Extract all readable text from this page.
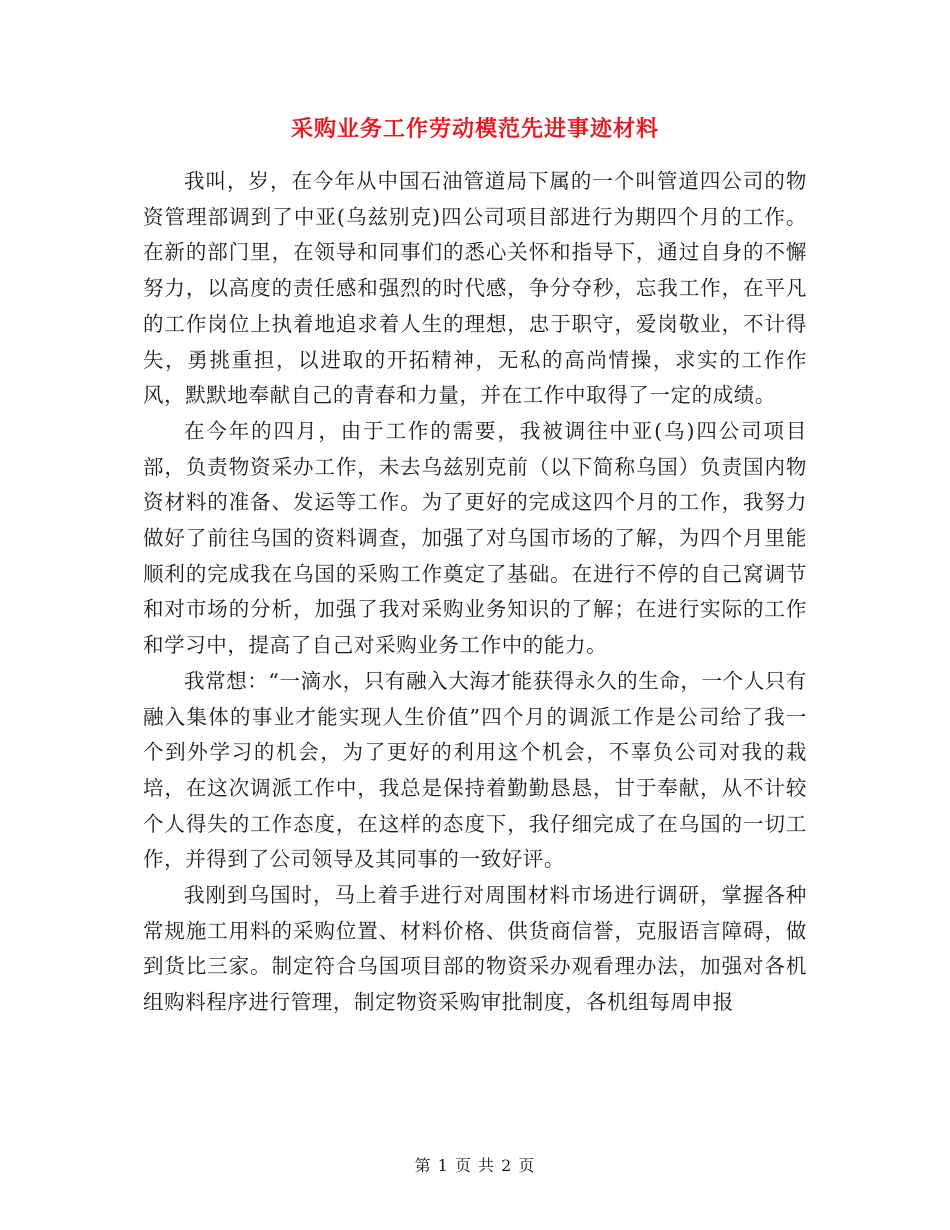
采购业务工作劳动模范先进事迹材料

我叫，岁，在今年从中国石油管道局下属的一个叫管道四公司的物资管理部调到了中亚(乌兹别克)四公司项目部进行为期四个月的工作。在新的部门里，在领导和同事们的悉心关怀和指导下，通过自身的不懈努力，以高度的责任感和强烈的时代感，争分夺秒，忘我工作，在平凡的工作岗位上执着地追求着人生的理想，忠于职守，爱岗敬业，不计得失，勇挑重担，以进取的开拓精神，无私的高尚情操，求实的工作作风，默默地奉献自己的青春和力量，并在工作中取得了一定的成绩。

在今年的四月，由于工作的需要，我被调往中亚(乌)四公司项目部，负责物资采办工作，未去乌兹别克前（以下简称乌国）负责国内物资材料的准备、发运等工作。为了更好的完成这四个月的工作，我努力做好了前往乌国的资料调查，加强了对乌国市场的了解，为四个月里能顺利的完成我在乌国的采购工作奠定了基础。在进行不停的自己窝调节和对市场的分析，加强了我对采购业务知识的了解；在进行实际的工作和学习中，提高了自己对采购业务工作中的能力。

我常想：“一滴水，只有融入大海才能获得永久的生命，一个人只有融入集体的事业才能实现人生价值”四个月的调派工作是公司给了我一个到外学习的机会，为了更好的利用这个机会，不辜负公司对我的栽培，在这次调派工作中，我总是保持着勤勤恳恳，甘于奉献，从不计较个人得失的工作态度，在这样的态度下，我仔细完成了在乌国的一切工作，并得到了公司领导及其同事的一致好评。

我刚到乌国时，马上着手进行对周围材料市场进行调研，掌握各种常规施工用料的采购位置、材料价格、供货商信誉，克服语言障碍，做到货比三家。制定符合乌国项目部的物资采办观看理办法，加强对各机组购料程序进行管理，制定物资采购审批制度，各机组每周申报

第 1 页 共 2 页
